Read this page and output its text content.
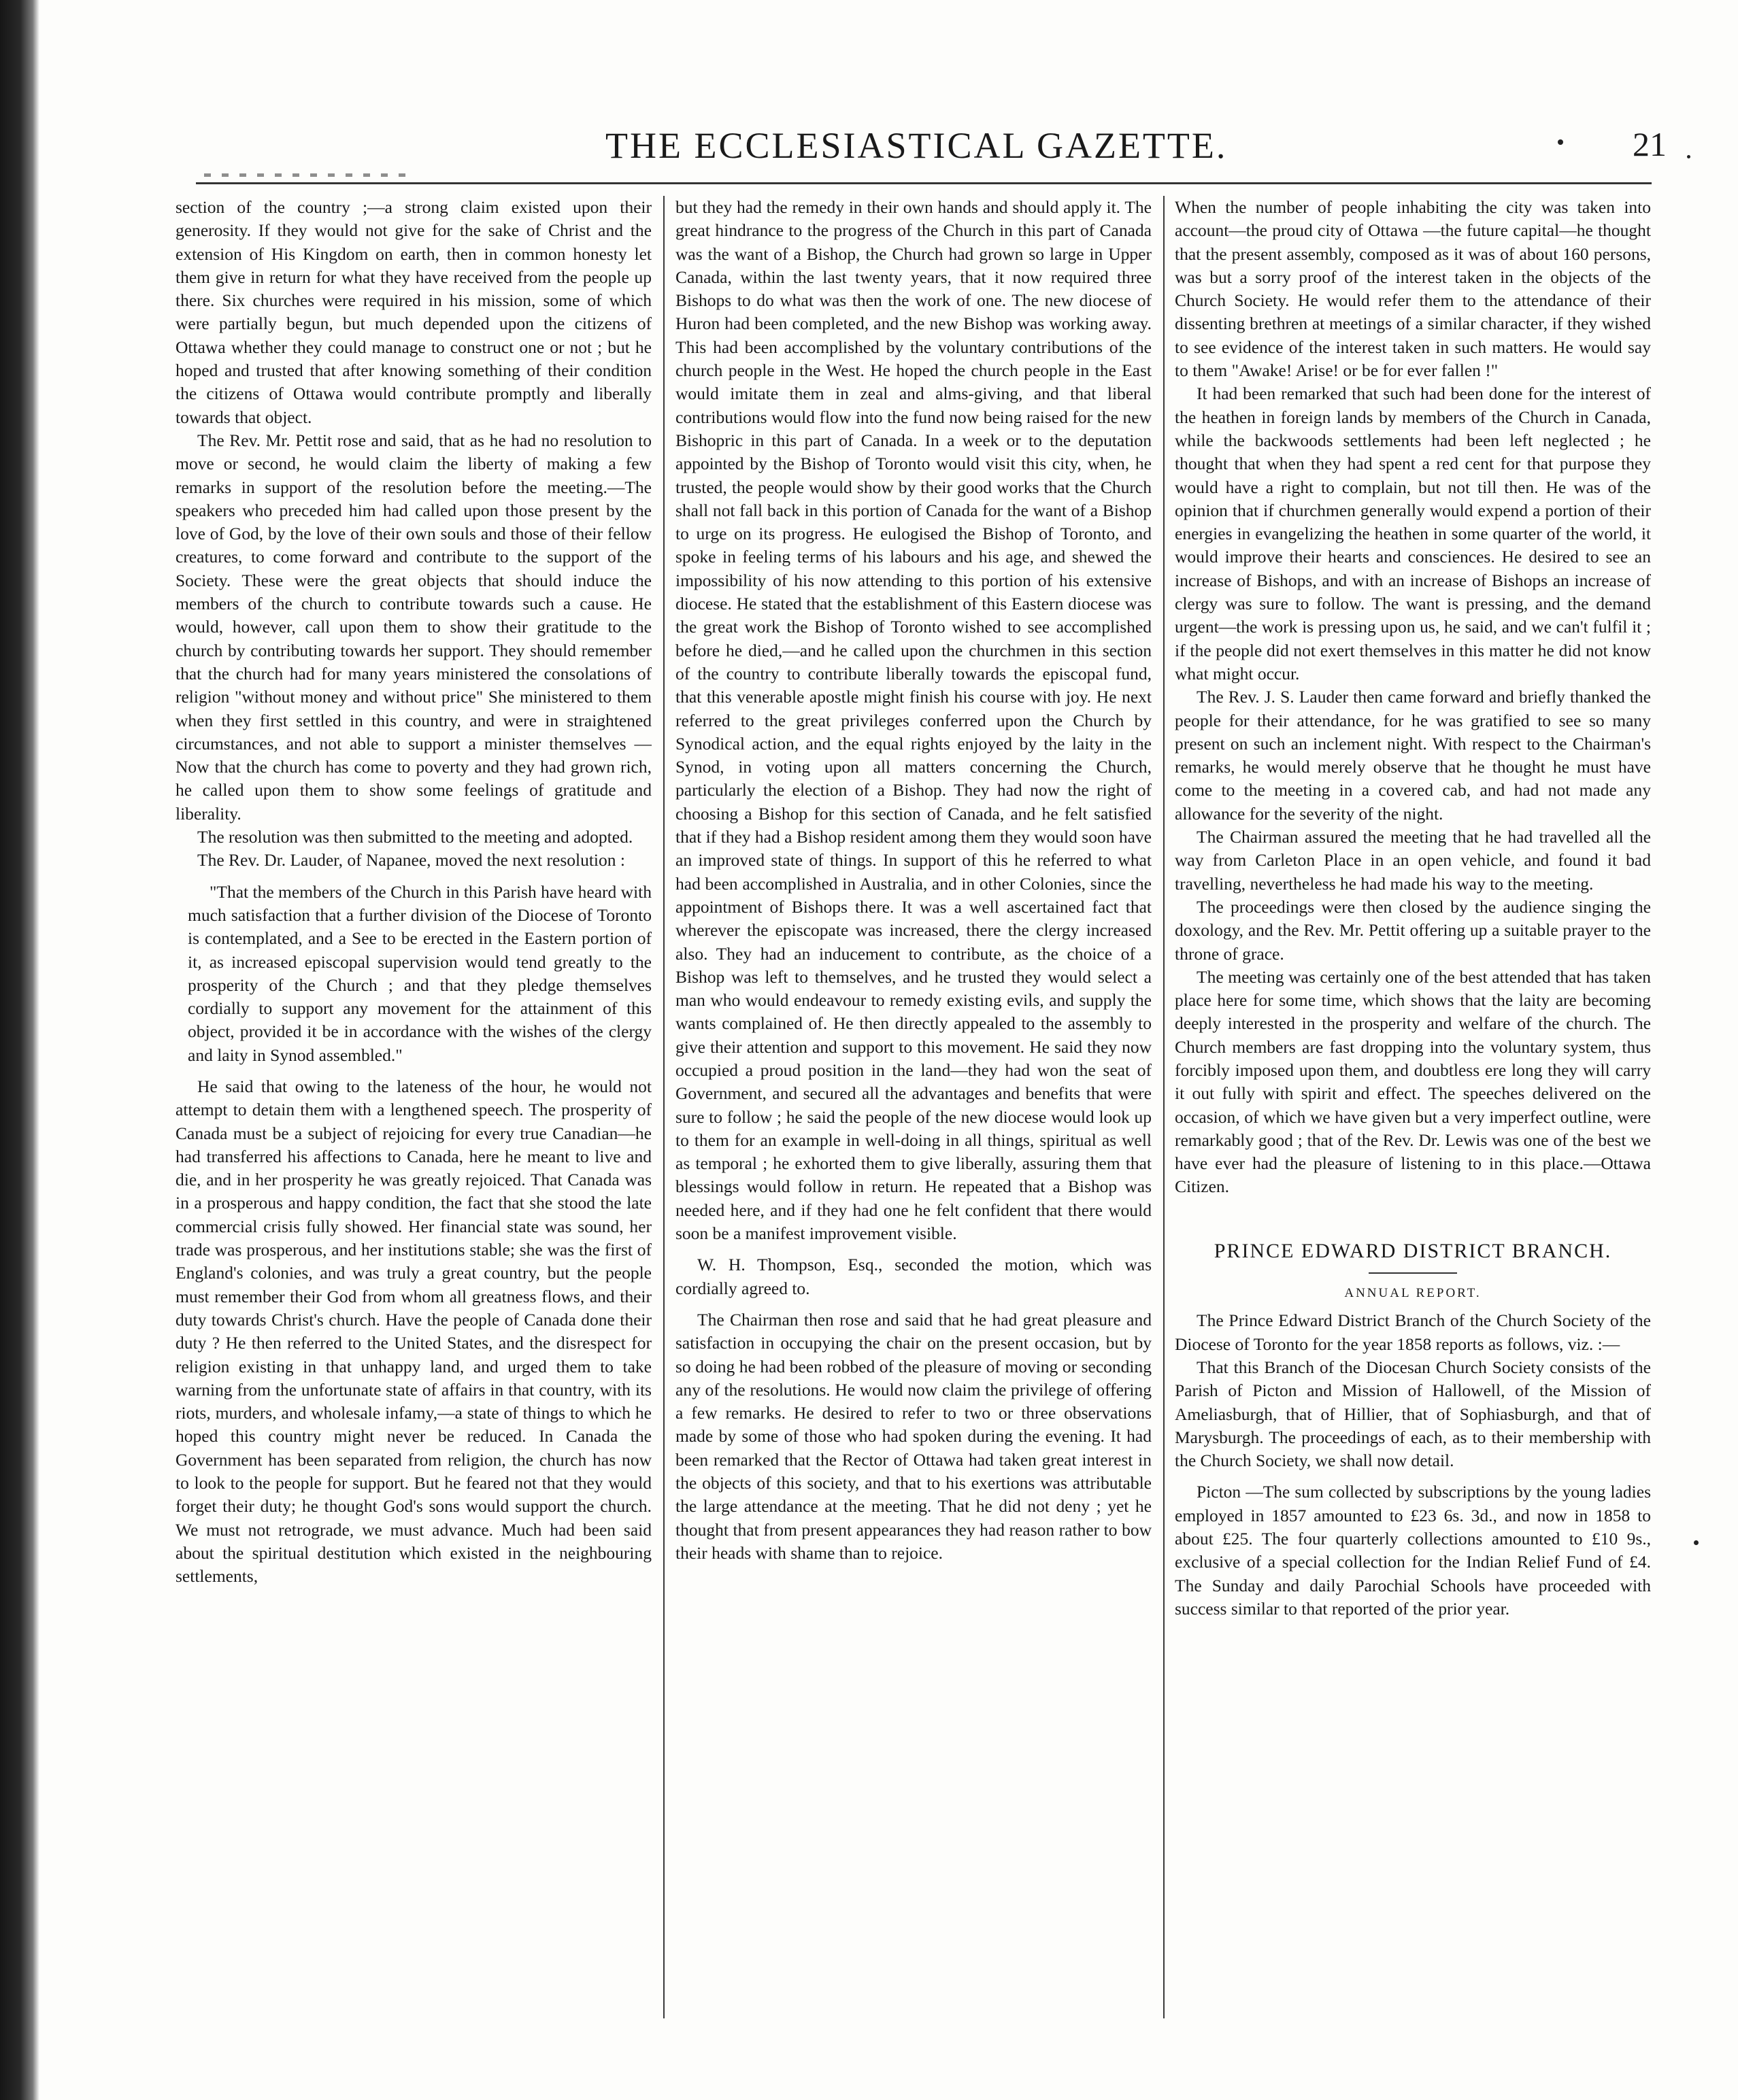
THE ECCLESIASTICAL GAZETTE.	21

section of the country ;—a strong claim existed upon their generosity. If they would not give for the sake of Christ and the extension of His Kingdom on earth, then in common honesty let them give in return for what they have received from the people up there. Six churches were required in his mission, some of which were partially begun, but much depended upon the citizens of Ottawa whether they could manage to construct one or not ; but he hoped and trusted that after knowing something of their condition the citizens of Ottawa would contribute promptly and liberally towards that object.

The Rev. Mr. Pettit rose and said, that as he had no resolution to move or second, he would claim the liberty of making a few remarks in support of the resolution before the meeting.—The speakers who preceded him had called upon those present by the love of God, by the love of their own souls and those of their fellow creatures, to come forward and contribute to the support of the Society. These were the great objects that should induce the members of the church to contribute towards such a cause. He would, however, call upon them to show their gratitude to the church by contributing towards her support. They should remember that the church had for many years ministered the consolations of religion "without money and without price" She ministered to them when they first settled in this country, and were in straightened circumstances, and not able to support a minister themselves — Now that the church has come to poverty and they had grown rich, he called upon them to show some feelings of gratitude and liberality.

The resolution was then submitted to the meeting and adopted.

The Rev. Dr. Lauder, of Napanee, moved the next resolution :

"That the members of the Church in this Parish have heard with much satisfaction that a further division of the Diocese of Toronto is contemplated, and a See to be erected in the Eastern portion of it, as increased episcopal supervision would tend greatly to the prosperity of the Church ; and that they pledge themselves cordially to support any movement for the attainment of this object, provided it be in accordance with the wishes of the clergy and laity in Synod assembled."

He said that owing to the lateness of the hour, he would not attempt to detain them with a lengthened speech. The prosperity of Canada must be a subject of rejoicing for every true Canadian—he had transferred his affections to Canada, here he meant to live and die, and in her prosperity he was greatly rejoiced. That Canada was in a prosperous and happy condition, the fact that she stood the late commercial crisis fully showed. Her financial state was sound, her trade was prosperous, and her institutions stable; she was the first of England's colonies, and was truly a great country, but the people must remember their God from whom all greatness flows, and their duty towards Christ's church. Have the people of Canada done their duty ? He then referred to the United States, and the disrespect for religion existing in that unhappy land, and urged them to take warning from the unfortunate state of affairs in that country, with its riots, murders, and wholesale infamy,—a state of things to which he hoped this country might never be reduced. In Canada the Government has been separated from religion, the church has now to look to the people for support. But he feared not that they would forget their duty; he thought God's sons would support the church. We must not retrograde, we must advance. Much had been said about the spiritual destitution which existed in the neighbouring settlements,

but they had the remedy in their own hands and should apply it. The great hindrance to the progress of the Church in this part of Canada was the want of a Bishop, the Church had grown so large in Upper Canada, within the last twenty years, that it now required three Bishops to do what was then the work of one. The new diocese of Huron had been completed, and the new Bishop was working away. This had been accomplished by the voluntary contributions of the church people in the West. He hoped the church people in the East would imitate them in zeal and alms-giving, and that liberal contributions would flow into the fund now being raised for the new Bishopric in this part of Canada. In a week or to the deputation appointed by the Bishop of Toronto would visit this city, when, he trusted, the people would show by their good works that the Church shall not fall back in this portion of Canada for the want of a Bishop to urge on its progress. He eulogised the Bishop of Toronto, and spoke in feeling terms of his labours and his age, and shewed the impossibility of his now attending to this portion of his extensive diocese. He stated that the establishment of this Eastern diocese was the great work the Bishop of Toronto wished to see accomplished before he died,—and he called upon the churchmen in this section of the country to contribute liberally towards the episcopal fund, that this venerable apostle might finish his course with joy. He next referred to the great privileges conferred upon the Church by Synodical action, and the equal rights enjoyed by the laity in the Synod, in voting upon all matters concerning the Church, particularly the election of a Bishop. They had now the right of choosing a Bishop for this section of Canada, and he felt satisfied that if they had a Bishop resident among them they would soon have an improved state of things. In support of this he referred to what had been accomplished in Australia, and in other Colonies, since the appointment of Bishops there. It was a well ascertained fact that wherever the episcopate was increased, there the clergy increased also. They had an inducement to contribute, as the choice of a Bishop was left to themselves, and he trusted they would select a man who would endeavour to remedy existing evils, and supply the wants complained of. He then directly appealed to the assembly to give their attention and support to this movement. He said they now occupied a proud position in the land—they had won the seat of Government, and secured all the advantages and benefits that were sure to follow ; he said the people of the new diocese would look up to them for an example in well-doing in all things, spiritual as well as temporal ; he exhorted them to give liberally, assuring them that blessings would follow in return. He repeated that a Bishop was needed here, and if they had one he felt confident that there would soon be a manifest improvement visible.

W. H. Thompson, Esq., seconded the motion, which was cordially agreed to.

The Chairman then rose and said that he had great pleasure and satisfaction in occupying the chair on the present occasion, but by so doing he had been robbed of the pleasure of moving or seconding any of the resolutions. He would now claim the privilege of offering a few remarks. He desired to refer to two or three observations made by some of those who had spoken during the evening. It had been remarked that the Rector of Ottawa had taken great interest in the objects of this society, and that to his exertions was attributable the large attendance at the meeting. That he did not deny ; yet he thought that from present appearances they had reason rather to bow their heads with shame than to rejoice.

When the number of people inhabiting the city was taken into account—the proud city of Ottawa —the future capital—he thought that the present assembly, composed as it was of about 160 persons, was but a sorry proof of the interest taken in the objects of the Church Society. He would refer them to the attendance of their dissenting brethren at meetings of a similar character, if they wished to see evidence of the interest taken in such matters. He would say to them "Awake! Arise! or be for ever fallen !"

It had been remarked that such had been done for the interest of the heathen in foreign lands by members of the Church in Canada, while the backwoods settlements had been left neglected ; he thought that when they had spent a red cent for that purpose they would have a right to complain, but not till then. He was of the opinion that if churchmen generally would expend a portion of their energies in evangelizing the heathen in some quarter of the world, it would improve their hearts and consciences. He desired to see an increase of Bishops, and with an increase of Bishops an increase of clergy was sure to follow. The want is pressing, and the demand urgent—the work is pressing upon us, he said, and we can't fulfil it ; if the people did not exert themselves in this matter he did not know what might occur.

The Rev. J. S. Lauder then came forward and briefly thanked the people for their attendance, for he was gratified to see so many present on such an inclement night. With respect to the Chairman's remarks, he would merely observe that he thought he must have come to the meeting in a covered cab, and had not made any allowance for the severity of the night.

The Chairman assured the meeting that he had travelled all the way from Carleton Place in an open vehicle, and found it bad travelling, nevertheless he had made his way to the meeting.

The proceedings were then closed by the audience singing the doxology, and the Rev. Mr. Pettit offering up a suitable prayer to the throne of grace.

The meeting was certainly one of the best attended that has taken place here for some time, which shows that the laity are becoming deeply interested in the prosperity and welfare of the church. The Church members are fast dropping into the voluntary system, thus forcibly imposed upon them, and doubtless ere long they will carry it out fully with spirit and effect. The speeches delivered on the occasion, of which we have given but a very imperfect outline, were remarkably good ; that of the Rev. Dr. Lewis was one of the best we have ever had the pleasure of listening to in this place.—Ottawa Citizen.

PRINCE EDWARD DISTRICT BRANCH.

ANNUAL REPORT.

The Prince Edward District Branch of the Church Society of the Diocese of Toronto for the year 1858 reports as follows, viz. :—

That this Branch of the Diocesan Church Society consists of the Parish of Picton and Mission of Hallowell, of the Mission of Ameliasburgh, that of Hillier, that of Sophiasburgh, and that of Marysburgh. The proceedings of each, as to their membership with the Church Society, we shall now detail.

Picton —The sum collected by subscriptions by the young ladies employed in 1857 amounted to £23 6s. 3d., and now in 1858 to about £25. The four quarterly collections amounted to £10 9s., exclusive of a special collection for the Indian Relief Fund of £4. The Sunday and daily Parochial Schools have proceeded with success similar to that reported of the prior year.
